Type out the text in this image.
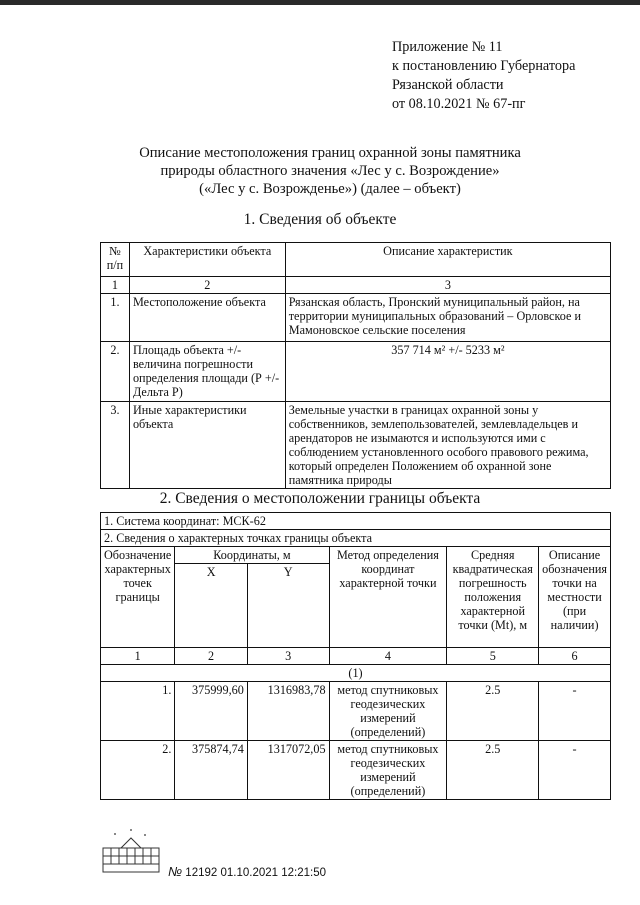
Приложение № 11
к постановлению Губернатора
Рязанской области
от 08.10.2021 № 67-пг
Описание местоположения границ охранной зоны памятника
природы областного значения «Лес у с. Возрождение»
(«Лес у с. Возрожденье») (далее – объект)
1. Сведения об объекте
№ п/п	Характеристики объекта	Описание характеристик
1	2	3
1.	Местоположение объекта	Рязанская область, Пронский муниципальный район, на территории муниципальных образований – Орловское и Мамоновское сельские поселения
2.	Площадь объекта +/- величина погрешности определения площади (Р +/- Дельта Р)	357 714 м² +/- 5233 м²
3.	Иные характеристики объекта	Земельные участки в границах охранной зоны у собственников, землепользователей, землевладельцев и арендаторов не изымаются и используются ими с соблюдением установленного особого правового режима, который определен Положением об охранной зоне памятника природы
2. Сведения о местоположении границы объекта
1. Система координат: МСК-62					
2. Сведения о характерных точках границы объекта					
Обозначение характерных точек границы	Координаты, м		Метод определения координат характерной точки	Средняя квадратическая погрешность положения характерной точки (Mt), м	Описание обозначения точки на местности (при наличии)
	X	Y			
1	2	3	4	5	6
(1)					
1.	375999,60	1316983,78	метод спутниковых геодезических измерений (определений)	2.5	-
2.	375874,74	1317072,05	метод спутниковых геодезических измерений (определений)	2.5	-
№ 12192 01.10.2021 12:21:50
